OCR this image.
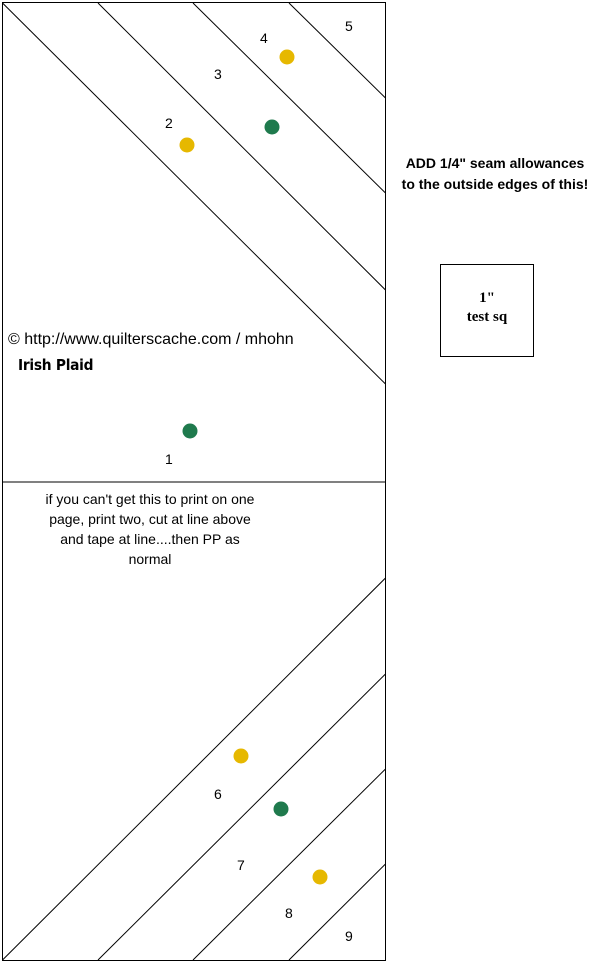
1
2
3
4
5
6
7
8
9
© http://www.quilterscache.com / mhohn
Irish Plaid
if you can't get this to print on one page, print two, cut at line above and tape at line....then PP as normal
ADD 1/4" seam allowances to the outside edges of this!
1"
test sq
